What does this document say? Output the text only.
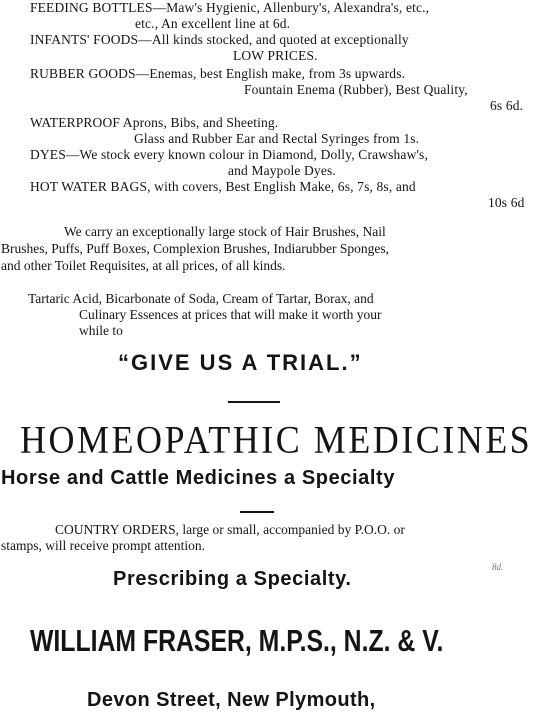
FEEDING BOTTLES—Maw's Hygienic, Allenbury's, Alexandra's, etc.,
etc., An excellent line at 6d.
INFANTS' FOODS—All kinds stocked, and quoted at exceptionally
LOW PRICES.
RUBBER GOODS—Enemas, best English make, from 3s upwards.
Fountain Enema (Rubber), Best Quality,
6s 6d.
WATERPROOF Aprons, Bibs, and Sheeting.
Glass and Rubber Ear and Rectal Syringes from 1s.
DYES—We stock every known colour in Diamond, Dolly, Crawshaw's,
and Maypole Dyes.
HOT WATER BAGS, with covers, Best English Make, 6s, 7s, 8s, and
10s 6d
We carry an exceptionally large stock of Hair Brushes, Nail
Brushes, Puffs, Puff Boxes, Complexion Brushes, Indiarubber Sponges,
and other Toilet Requisites, at all prices, of all kinds.
Tartaric Acid, Bicarbonate of Soda, Cream of Tartar, Borax, and
Culinary Essences at prices that will make it worth your
while to
“GIVE US A TRIAL.”
HOMEOPATHIC MEDICINES
Horse and Cattle Medicines a Specialty
COUNTRY ORDERS, large or small, accompanied by P.O.O. or
stamps, will receive prompt attention.
8d.
Prescribing a Specialty.
WILLIAM FRASER, M.P.S., N.Z. & V.
Devon Street, New Plymouth,
